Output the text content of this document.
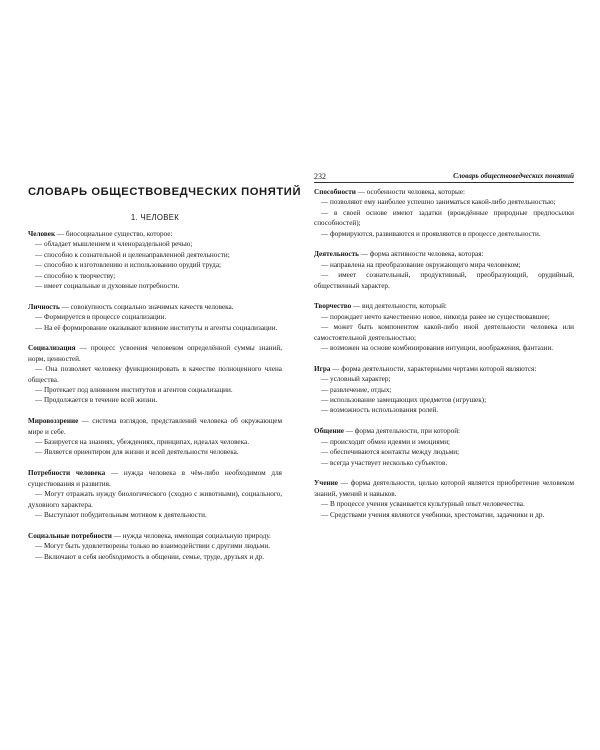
СЛОВАРЬ ОБЩЕСТВОВЕДЧЕСКИХ ПОНЯТИЙ
1. ЧЕЛОВЕК

Человек — биосоциальное существо, которое:

— обладает мышлением и членораздельной речью;

— способно к сознательной и целенаправленной деятельности;

— способно к изготовлению и использованию орудий труда;

— способно к творчеству;

— имеет социальные и духовные потребности.

Личность — совокупность социально значимых качеств человека.

— Формируется в процессе социализации.

— На её формирование оказывают влияние институты и агенты социализации.

Социализация — процесс усвоения человеком определённой суммы знаний, норм, ценностей.

— Она позволяет человеку функционировать в качестве полноценного члена общества.

— Протекает под влиянием институтов и агентов социализации.

— Продолжается в течение всей жизни.

Мировоззрение — система взглядов, представлений человека об окружающем мире и себе.

— Базируется на знаниях, убеждениях, принципах, идеалах человека.

— Является ориентиром для жизни и всей деятельности человека.

Потребности человека — нужда человека в чём-либо необходимом для существования и развития.

— Могут отражать нужду биологического (сходно с животными), социального, духовного характера.

— Выступают побудительным мотивом к деятельности.

Социальные потребности — нужда человека, имеющая социальную природу.

— Могут быть удовлетворены только во взаимодействии с другими людьми.

— Включают в себя необходимость в общении, семье, труде, друзьях и др.

232	Словарь обществоведческих понятий

Способности — особенности человека, которые:

— позволяют ему наиболее успешно заниматься какой-либо деятельностью;

— в своей основе имеют задатки (врождённые природные предпосылки способностей);

— формируются, развиваются и проявляются в процессе деятельности.

Деятельность — форма активности человека, которая:

— направлена на преобразование окружающего мира человеком;

— имеет сознательный, продуктивный, преобразующий, орудийный, общественный характер.

Творчество — вид деятельности, который:

— порождает нечто качественно новое, никогда ранее не существовавшее;

— может быть компонентом какой-либо иной деятельности человека или самостоятельной деятельностью;

— возможен на основе комбинирования интуиции, воображения, фантазии.

Игра — форма деятельности, характерными чертами которой являются:

— условный характер;

— развлечение, отдых;

— использование замещающих предметов (игрушек);

— возможность использования ролей.

Общение — форма деятельности, при которой:

— происходит обмен идеями и эмоциями;

— обеспечиваются контакты между людьми;

— всегда участвует несколько субъектов.

Учение — форма деятельности, целью которой является приобретение человеком знаний, умений и навыков.

— В процессе учения усваивается культурный опыт человечества.

— Средствами учения являются учебники, хрестоматии, задачники и др.
